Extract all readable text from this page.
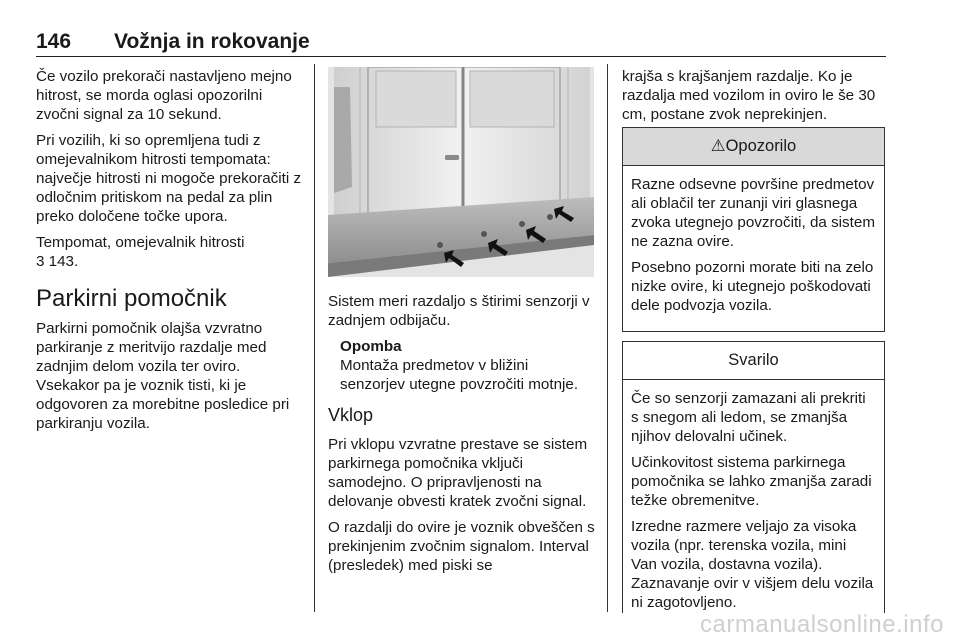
146 Vožnja in rokovanje

Če vozilo prekorači nastavljeno mejno hitrost, se morda oglasi opozorilni zvočni signal za 10 sekund.

Pri vozilih, ki so opremljena tudi z omejevalnikom hitrosti tempomata: največje hitrosti ni mogoče prekoračiti z odločnim pritiskom na pedal za plin preko določene točke upora.

Tempomat, omejevalnik hitrosti
3 143.

Parkirni pomočnik

Parkirni pomočnik olajša vzvratno parkiranje z meritvijo razdalje med zadnjim delom vozila ter oviro. Vsekakor pa je voznik tisti, ki je odgovoren za morebitne posledice pri parkiranju vozila.

Sistem meri razdaljo s štirimi senzorji v zadnjem odbijaču.

Opomba
Montaža predmetov v bližini senzorjev utegne povzročiti motnje.
Vklop

Pri vklopu vzvratne prestave se sistem parkirnega pomočnika vključi samodejno. O pripravljenosti na delovanje obvesti kratek zvočni signal.

O razdalji do ovire je voznik obveščen s prekinjenim zvočnim signalom. Interval (presledek) med piski se

krajša s krajšanjem razdalje. Ko je razdalja med vozilom in oviro le še 30 cm, postane zvok neprekinjen.

⚠Opozorilo

Razne odsevne površine predmetov ali oblačil ter zunanji viri glasnega zvoka utegnejo povzročiti, da sistem ne zazna ovire.

Posebno pozorni morate biti na zelo nizke ovire, ki utegnejo poškodovati dele podvozja vozila.

Svarilo

Če so senzorji zamazani ali prekriti s snegom ali ledom, se zmanjša njihov delovalni učinek.

Učinkovitost sistema parkirnega pomočnika se lahko zmanjša zaradi težke obremenitve.

Izredne razmere veljajo za visoka vozila (npr. terenska vozila, mini Van vozila, dostavna vozila). Zaznavanje ovir v višjem delu vozila ni zagotovljeno.

carmanualsonline.info
